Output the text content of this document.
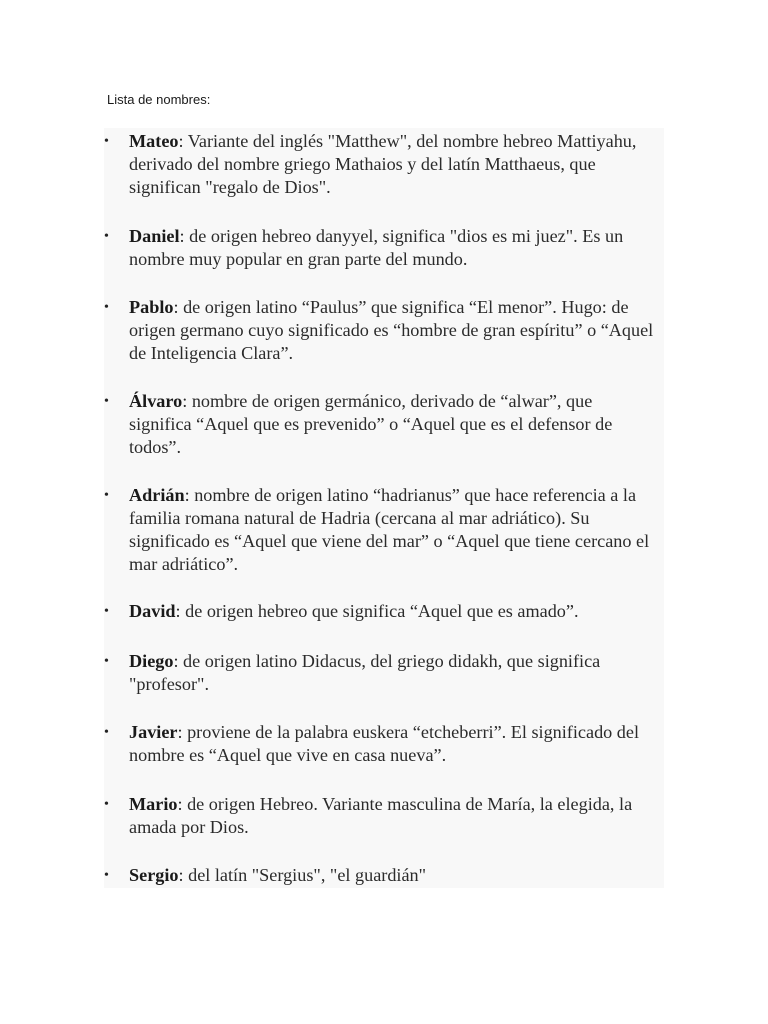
Lista de nombres:
•	Mateo: Variante del inglés "Matthew", del nombre hebreo Mattiyahu, derivado del nombre griego Mathaios y del latín Matthaeus, que significan "regalo de Dios".
•	Daniel: de origen hebreo danyyel, significa "dios es mi juez". Es un nombre muy popular en gran parte del mundo.
•	Pablo: de origen latino “Paulus” que significa “El menor”. Hugo: de origen germano cuyo significado es “hombre de gran espíritu” o “Aquel de Inteligencia Clara”.
•	Álvaro: nombre de origen germánico, derivado de “alwar”, que significa “Aquel que es prevenido” o “Aquel que es el defensor de todos”.
•	Adrián: nombre de origen latino “hadrianus” que hace referencia a la familia romana natural de Hadria (cercana al mar adriático). Su significado es “Aquel que viene del mar” o “Aquel que tiene cercano el mar adriático”.
•	David: de origen hebreo que significa “Aquel que es amado”.
•	Diego: de origen latino Didacus, del griego didakh, que significa "profesor".
•	Javier: proviene de la palabra euskera “etcheberri”. El significado del nombre es “Aquel que vive en casa nueva”.
•	Mario: de origen Hebreo. Variante masculina de María, la elegida, la amada por Dios.
•	Sergio: del latín "Sergius", "el guardián"
